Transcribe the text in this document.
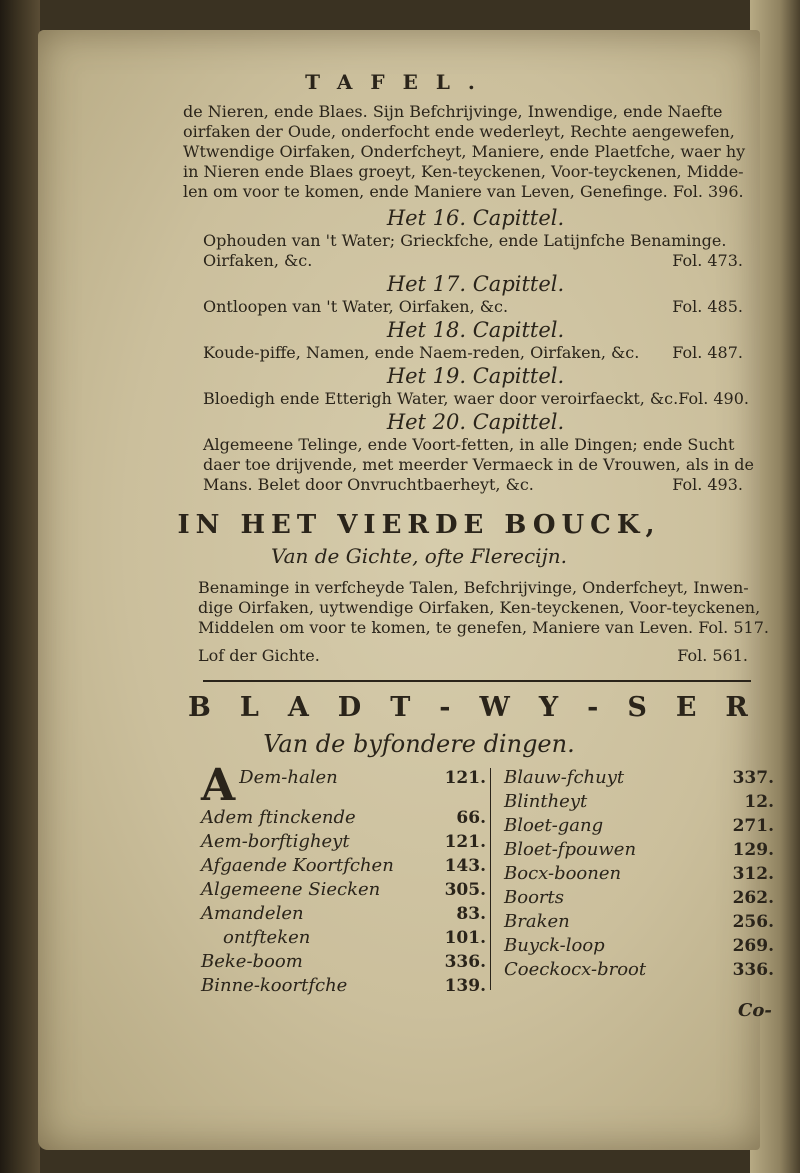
TAFEL.
de Nieren, ende Blaes. Sijn Befchrijvinge, Inwendige, ende Naefte
oirfaken der Oude, onderfocht ende wederleyt, Rechte aengewefen,
Wtwendige Oirfaken, Onderfcheyt, Maniere, ende Plaetfche, waer hy
in Nieren ende Blaes groeyt, Ken-teyckenen, Voor-teyckenen, Midde-
len om voor te komen, ende Maniere van Leven, Genefinge. Fol. 396.
Het 16. Capittel.
Ophouden van 't Water; Grieckfche, ende Latijnfche Benaminge.
Oirfaken, &c.	Fol. 473.
Het 17. Capittel.
Ontloopen van 't Water, Oirfaken, &c.	Fol. 485.
Het 18. Capittel.
Koude-piffe, Namen, ende Naem-reden, Oirfaken, &c. Fol. 487.
Het 19. Capittel.
Bloedigh ende Etterigh Water, waer door veroirfaeckt, &c. Fol. 490.
Het 20. Capittel.
Algemeene Telinge, ende Voort-fetten, in alle Dingen; ende Sucht
daer toe drijvende, met meerder Vermaeck in de Vrouwen, als in de
Mans. Belet door Onvruchtbaerheyt, &c.	Fol. 493.
IN HET VIERDE BOUCK,
Van de Gichte, ofte Flerecijn.
Benaminge in verfcheyde Talen, Befchrijvinge, Onderfcheyt, Inwen-
dige Oirfaken, uytwendige Oirfaken, Ken-teyckenen, Voor-teyckenen,
Middelen om voor te komen, te genefen, Maniere van Leven. Fol. 517.
Lof der Gichte.	Fol. 561.
B L A D T - W Y - S E R
Van de byfondere dingen.
A Dem-halen	121.
Adem ftinckende	66.
Aem-borftigheyt	121.
Afgaende Koortfchen	143.
Algemeene Siecken	305.
Amandelen	83.
ontfteken	101.
Beke-boom	336.
Binne-koortfche	139.
Blauw-fchuyt	337.
Blintheyt	12.
Bloet-gang	271.
Bloet-fpouwen	129.
Bocx-boonen	312.
Boorts	262.
Braken	256.
Buyck-loop	269.
Coeckocx-broot	336.
Co-
